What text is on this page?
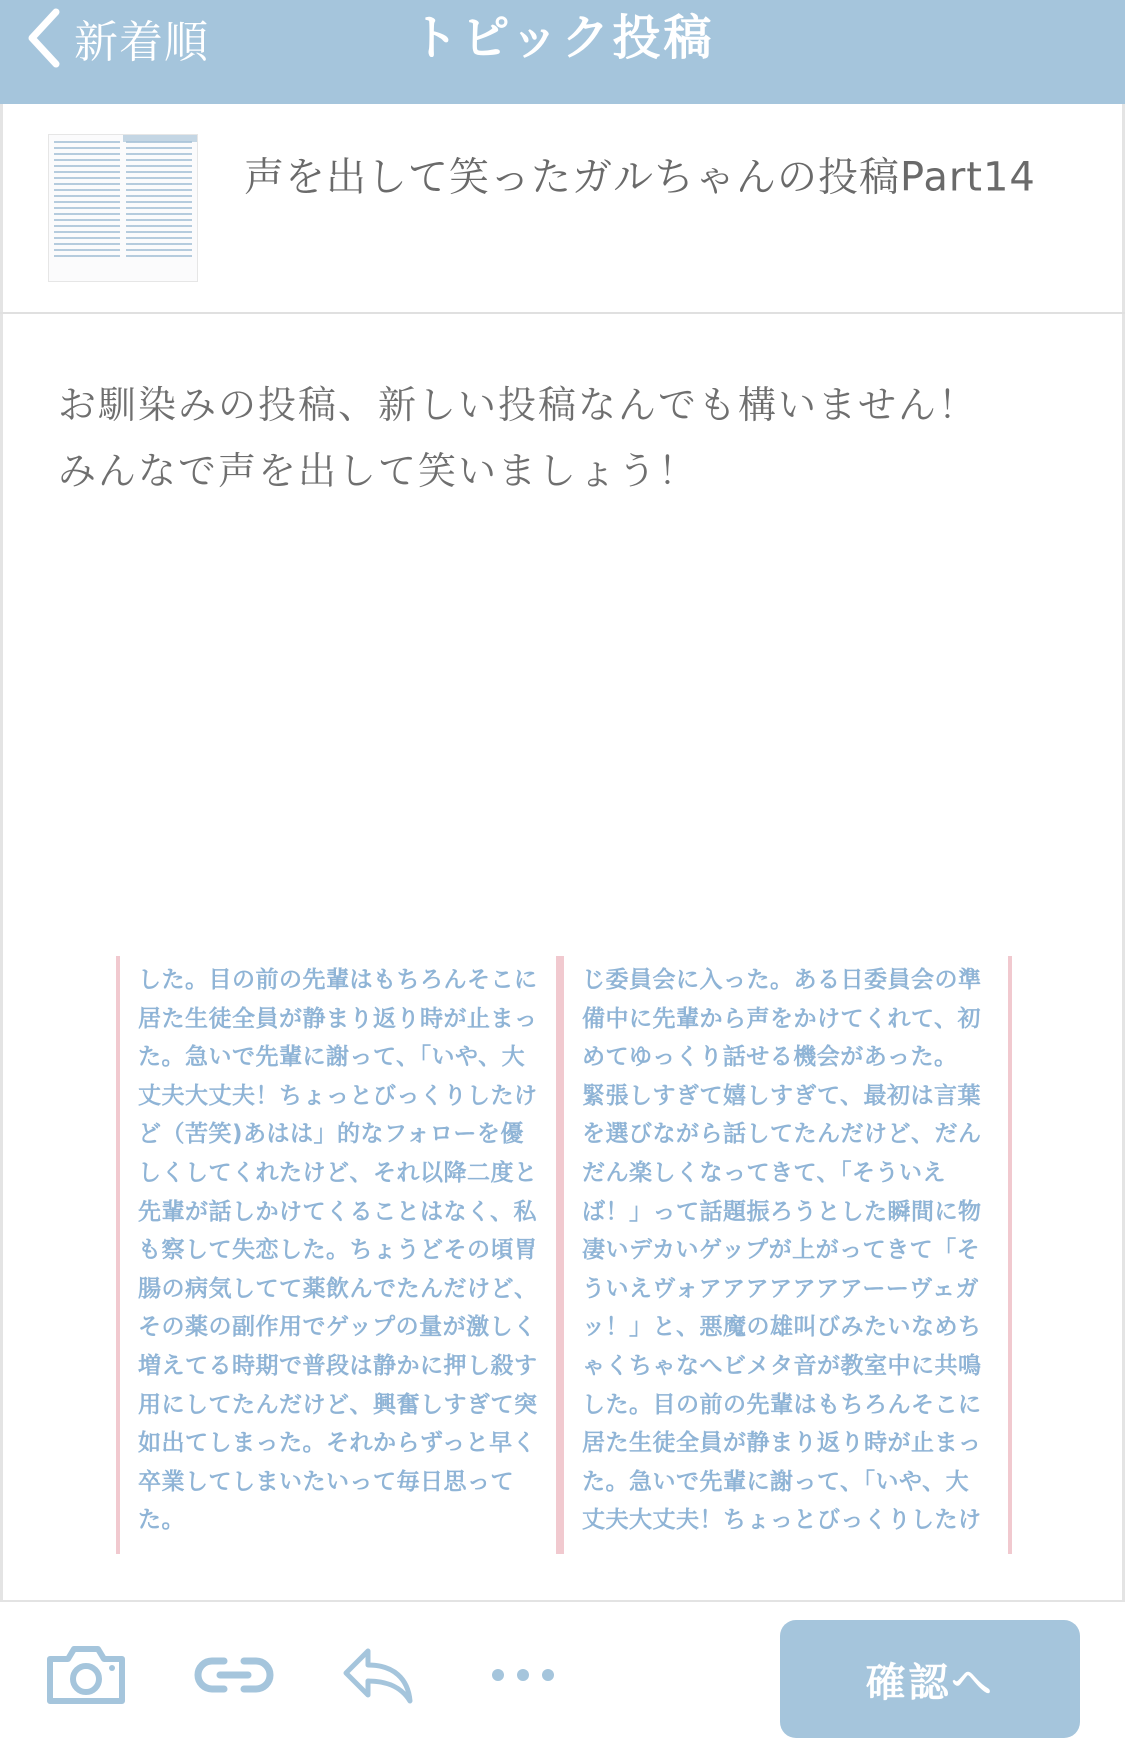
新着順	トピック投稿
声を出して笑ったガルちゃんの投稿Part14
お馴染みの投稿、新しい投稿なんでも構いません！
みんなで声を出して笑いましょう！
した。目の前の先輩はもちろんそこに
居た生徒全員が静まり返り時が止まっ
た。急いで先輩に謝って、「いや、大
丈夫大丈夫！ちょっとびっくりしたけ
ど（苦笑)あはは」的なフォローを優
しくしてくれたけど、それ以降二度と
先輩が話しかけてくることはなく、私
も察して失恋した。ちょうどその頃胃
腸の病気してて薬飲んでたんだけど、
その薬の副作用でゲップの量が激しく
増えてる時期で普段は静かに押し殺す
用にしてたんだけど、興奮しすぎて突
如出てしまった。それからずっと早く
卒業してしまいたいって毎日思って
た。
じ委員会に入った。ある日委員会の準
備中に先輩から声をかけてくれて、初
めてゆっくり話せる機会があった。
緊張しすぎて嬉しすぎて、最初は言葉
を選びながら話してたんだけど、だん
だん楽しくなってきて、「そういえ
ば！」って話題振ろうとした瞬間に物
凄いデカいゲップが上がってきて「そ
ういえヴォアアアアアアアーーヴェガ
ッ！」と、悪魔の雄叫びみたいなめち
ゃくちゃなへビメタ音が教室中に共鳴
した。目の前の先輩はもちろんそこに
居た生徒全員が静まり返り時が止まっ
た。急いで先輩に謝って、「いや、大
丈夫大丈夫！ちょっとびっくりしたけ
確認へ
